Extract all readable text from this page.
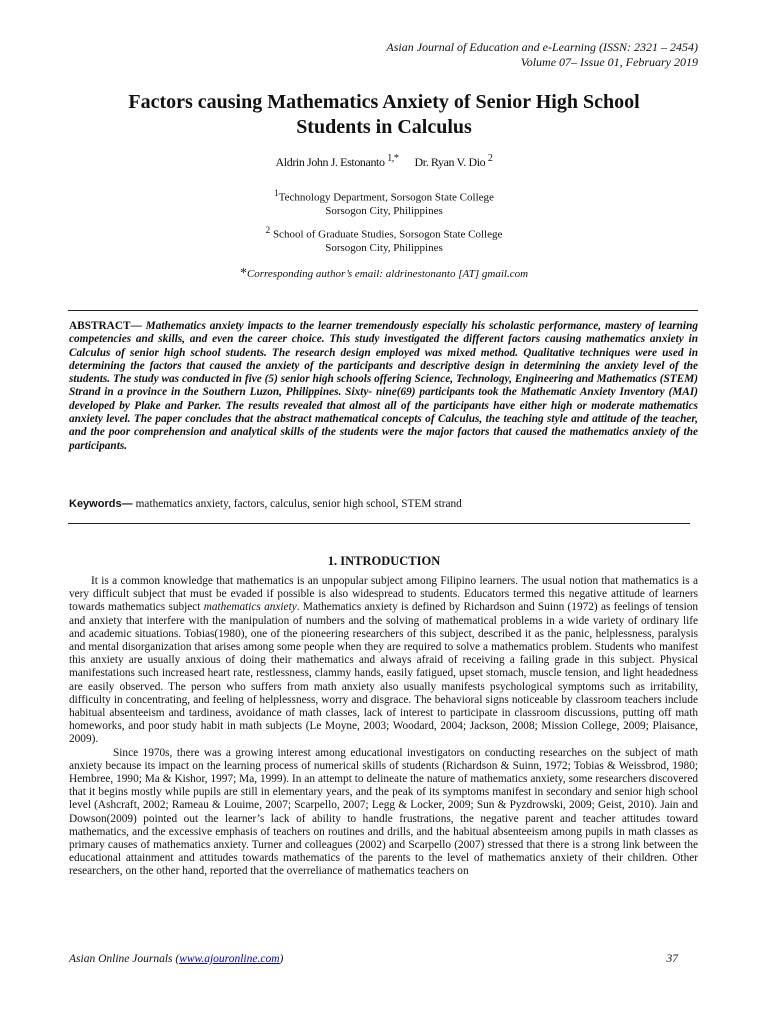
Asian Journal of Education and e-Learning (ISSN: 2321 – 2454)
Volume 07– Issue 01, February 2019
Factors causing Mathematics Anxiety of Senior High School
Students in Calculus
Aldrin John J. Estonanto $^{1,*}$ Dr. Ryan V. Dio $^2$
$^1$Technology Department, Sorsogon State College
Sorsogon City, Philippines
$^2$ School of Graduate Studies, Sorsogon State College
Sorsogon City, Philippines
*Corresponding author’s email: aldrinestonanto [AT] gmail.com
ABSTRACT— Mathematics anxiety impacts to the learner tremendously especially his scholastic performance, mastery of learning competencies and skills, and even the career choice. This study investigated the different factors causing mathematics anxiety in Calculus of senior high school students. The research design employed was mixed method. Qualitative techniques were used in determining the factors that caused the anxiety of the participants and descriptive design in determining the anxiety level of the students. The study was conducted in five (5) senior high schools offering Science, Technology, Engineering and Mathematics (STEM) Strand in a province in the Southern Luzon, Philippines. Sixty- nine(69) participants took the Mathematic Anxiety Inventory (MAI) developed by Plake and Parker. The results revealed that almost all of the participants have either high or moderate mathematics anxiety level. The paper concludes that the abstract mathematical concepts of Calculus, the teaching style and attitude of the teacher, and the poor comprehension and analytical skills of the students were the major factors that caused the mathematics anxiety of the participants.
Keywords— mathematics anxiety, factors, calculus, senior high school, STEM strand
1. INTRODUCTION

It is a common knowledge that mathematics is an unpopular subject among Filipino learners. The usual notion that mathematics is a very difficult subject that must be evaded if possible is also widespread to students. Educators termed this negative attitude of learners towards mathematics subject mathematics anxiety. Mathematics anxiety is defined by Richardson and Suinn (1972) as feelings of tension and anxiety that interfere with the manipulation of numbers and the solving of mathematical problems in a wide variety of ordinary life and academic situations. Tobias(1980), one of the pioneering researchers of this subject, described it as the panic, helplessness, paralysis and mental disorganization that arises among some people when they are required to solve a mathematics problem. Students who manifest this anxiety are usually anxious of doing their mathematics and always afraid of receiving a failing grade in this subject. Physical manifestations such increased heart rate, restlessness, clammy hands, easily fatigued, upset stomach, muscle tension, and light headedness are easily observed. The person who suffers from math anxiety also usually manifests psychological symptoms such as irritability, difficulty in concentrating, and feeling of helplessness, worry and disgrace. The behavioral signs noticeable by classroom teachers include habitual absenteeism and tardiness, avoidance of math classes, lack of interest to participate in classroom discussions, putting off math homeworks, and poor study habit in math subjects (Le Moyne, 2003; Woodard, 2004; Jackson, 2008; Mission College, 2009; Plaisance, 2009).

Since 1970s, there was a growing interest among educational investigators on conducting researches on the subject of math anxiety because its impact on the learning process of numerical skills of students (Richardson & Suinn, 1972; Tobias & Weissbrod, 1980; Hembree, 1990; Ma & Kishor, 1997; Ma, 1999). In an attempt to delineate the nature of mathematics anxiety, some researchers discovered that it begins mostly while pupils are still in elementary years, and the peak of its symptoms manifest in secondary and senior high school level (Ashcraft, 2002; Rameau & Louime, 2007; Scarpello, 2007; Legg & Locker, 2009; Sun & Pyzdrowski, 2009; Geist, 2010). Jain and Dowson(2009) pointed out the learner’s lack of ability to handle frustrations, the negative parent and teacher attitudes toward mathematics, and the excessive emphasis of teachers on routines and drills, and the habitual absenteeism among pupils in math classes as primary causes of mathematics anxiety. Turner and colleagues (2002) and Scarpello (2007) stressed that there is a strong link between the educational attainment and attitudes towards mathematics of the parents to the level of mathematics anxiety of their children. Other researchers, on the other hand, reported that the overreliance of mathematics teachers on

Asian Online Journals (www.ajouronline.com)	37
